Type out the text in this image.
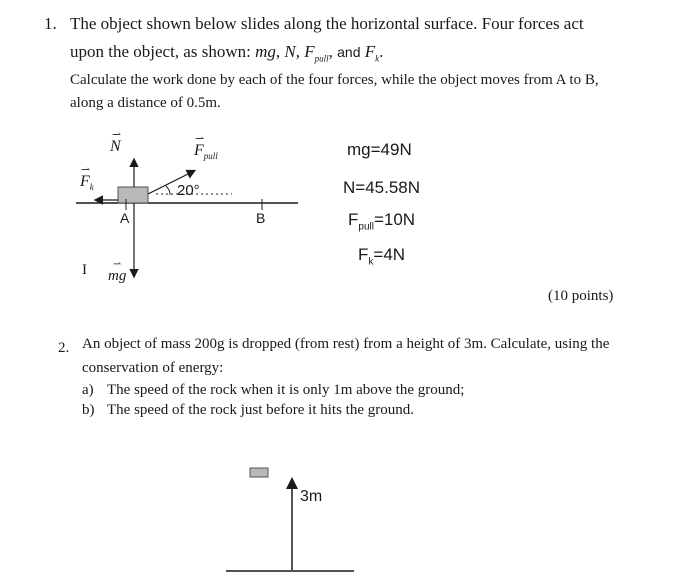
1. The object shown below slides along the horizontal surface. Four forces act
upon the object, as shown: mg, N, $F_{pull}$, and $F_k$.
Calculate the work done by each of the four forces, while the object moves from A to B,
along a distance of 0.5m.
⇀
N	⇀
$F_{pull}$
⇀
$F_k$	20°
A	B
I	⇀
mg
mg=49N
N=45.58N
$F_{pull}=10N$
$F_k=4N$
(10 points)
2. An object of mass 200g is dropped (from rest) from a height of 3m. Calculate, using the
conservation of energy:
a) The speed of the rock when it is only 1m above the ground;
b) The speed of the rock just before it hits the ground.
3m
